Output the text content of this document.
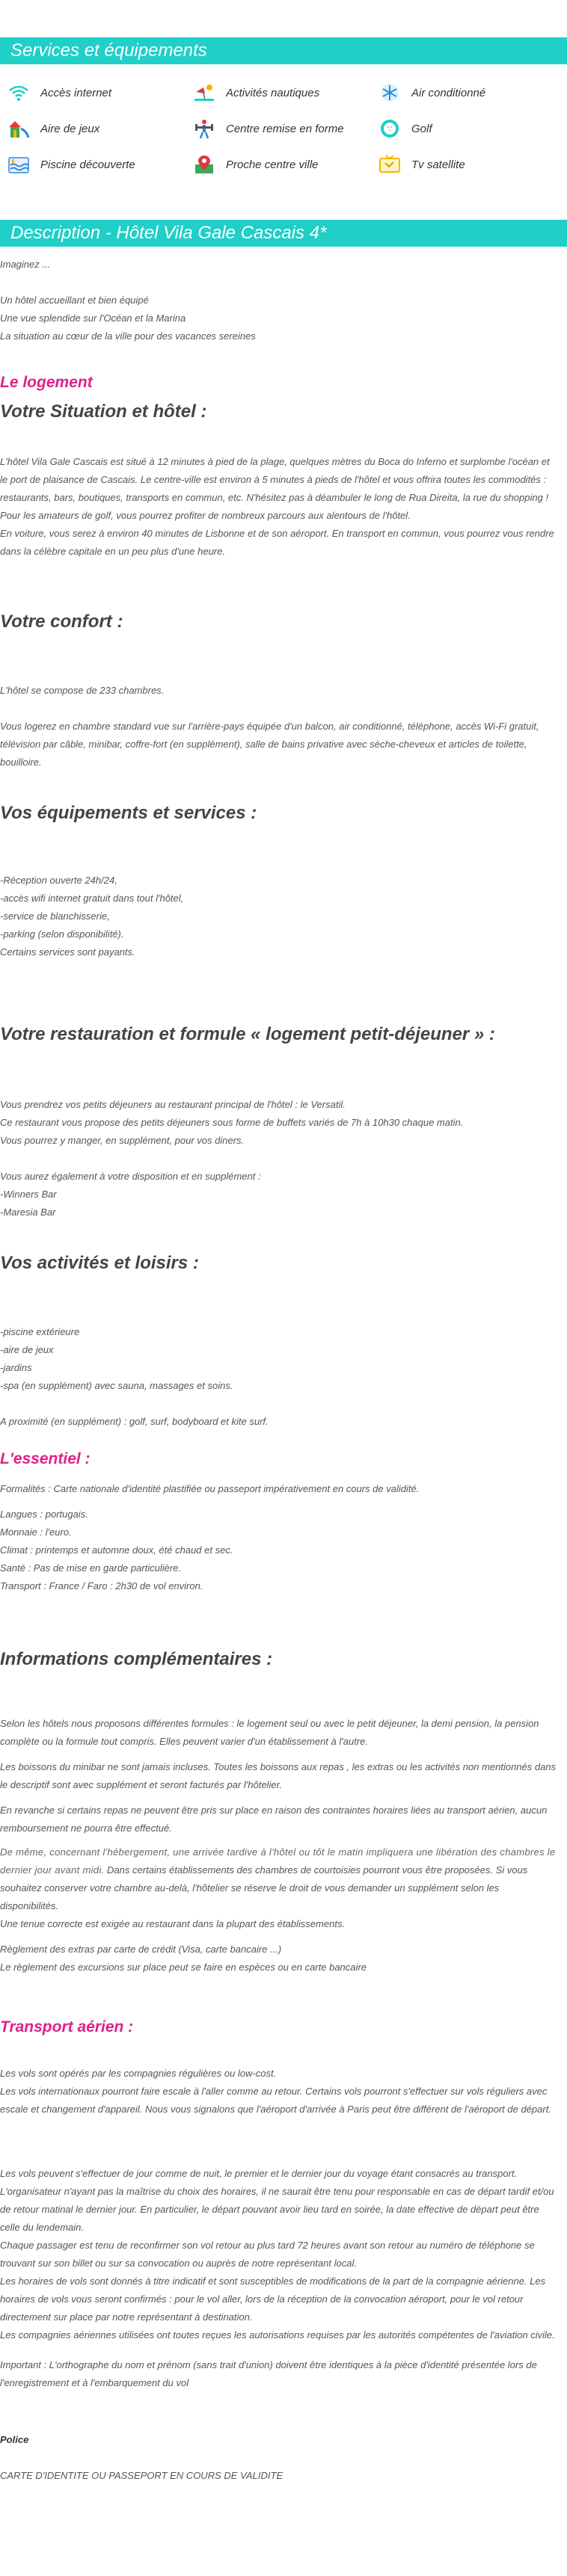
Services et équipements
Accès internet	Activités nautiques	Air conditionné
Aire de jeux	Centre remise en forme	Golf
Piscine découverte	Proche centre ville	Tv satellite
Description - Hôtel Vila Gale Cascais 4*

Imaginez ...

Un hôtel accueillant et bien équipé

Une vue splendide sur l'Océan et la Marina

La situation au cœur de la ville pour des vacances sereines

Le logement
Votre Situation et hôtel :

L'hôtel Vila Gale Cascais est situé à 12 minutes à pied de la plage, quelques mètres du Boca do Inferno et surplombe l'océan et le port de plaisance de Cascais. Le centre-ville est environ à 5 minutes à pieds de l'hôtel et vous offrira toutes les commodités : restaurants, bars, boutiques, transports en commun, etc. N'hésitez pas à déambuler le long de Rua Direita, la rue du shopping !

Pour les amateurs de golf, vous pourrez profiter de nombreux parcours aux alentours de l'hôtel.

En voiture, vous serez à environ 40 minutes de Lisbonne et de son aéroport. En transport en commun, vous pourrez vous rendre dans la célèbre capitale en un peu plus d'une heure.

Votre confort :

L'hôtel se compose de 233 chambres.

Vous logerez en chambre standard vue sur l'arrière-pays équipée d'un balcon, air conditionné, téléphone, accès Wi-Fi gratuit, télévision par câble, minibar, coffre-fort (en supplément), salle de bains privative avec sèche-cheveux et articles de toilette, bouilloire.

Vos équipements et services :

-Réception ouverte 24h/24,

-accès wifi internet gratuit dans tout l'hôtel,

-service de blanchisserie,

-parking (selon disponibilité).

Certains services sont payants.

Votre restauration et formule « logement petit-déjeuner » :

Vous prendrez vos petits déjeuners au restaurant principal de l'hôtel : le Versatil.

Ce restaurant vous propose des petits déjeuners sous forme de buffets variés de 7h à 10h30 chaque matin.

Vous pourrez y manger, en supplément, pour vos diners.

Vous aurez également à votre disposition et en supplément :

-Winners Bar

-Maresia Bar

Vos activités et loisirs :

-piscine extérieure

-aire de jeux

-jardins

-spa (en supplément) avec sauna, massages et soins.

A proximité (en supplément) : golf, surf, bodyboard et kite surf.

L'essentiel :

Formalités : Carte nationale d'identité plastifiée ou passeport impérativement en cours de validité.

Langues : portugais.

Monnaie : l'euro.

Climat : printemps et automne doux, été chaud et sec.

Santé : Pas de mise en garde particulière.

Transport : France / Faro : 2h30 de vol environ.

Informations complémentaires :

Selon les hôtels nous proposons différentes formules : le logement seul ou avec le petit déjeuner, la demi pension, la pension complète ou la formule tout compris. Elles peuvent varier d'un établissement à l'autre.

Les boissons du minibar ne sont jamais incluses. Toutes les boissons aux repas , les extras ou les activités non mentionnés dans le descriptif sont avec supplément et seront facturés par l'hôtelier.

En revanche si certains repas ne peuvent être pris sur place en raison des contraintes horaires liées au transport aérien, aucun remboursement ne pourra être effectué.

De même, concernant l'hébergement, une arrivée tardive à l'hôtel ou tôt le matin impliquera une libération des chambres le dernier jour avant midi. Dans certains établissements des chambres de courtoisies pourront vous être proposées. Si vous souhaitez conserver votre chambre au-delà, l'hôtelier se réserve le droit de vous demander un supplément selon les disponibilités.

Une tenue correcte est exigée au restaurant dans la plupart des établissements.

Règlement des extras par carte de crédit (Visa, carte bancaire ...)

Le règlement des excursions sur place peut se faire en espèces ou en carte bancaire

Transport aérien :

Les vols sont opérés par les compagnies régulières ou low-cost.

Les vols internationaux pourront faire escale à l'aller comme au retour. Certains vols pourront s'effectuer sur vols réguliers avec escale et changement d'appareil. Nous vous signalons que l'aéroport d'arrivée à Paris peut être différent de l'aéroport de départ.

Les vols peuvent s'effectuer de jour comme de nuit, le premier et le dernier jour du voyage étant consacrés au transport. L'organisateur n'ayant pas la maîtrise du choix des horaires, il ne saurait être tenu pour responsable en cas de départ tardif et/ou de retour matinal le dernier jour. En particulier, le départ pouvant avoir lieu tard en soirée, la date effective de départ peut être celle du lendemain.

Chaque passager est tenu de reconfirmer son vol retour au plus tard 72 heures avant son retour au numéro de téléphone se trouvant sur son billet ou sur sa convocation ou auprès de notre représentant local.

Les horaires de vols sont donnés à titre indicatif et sont susceptibles de modifications de la part de la compagnie aérienne. Les horaires de vols vous seront confirmés : pour le vol aller, lors de la réception de la convocation aéroport, pour le vol retour directement sur place par notre représentant à destination.

Les compagnies aériennes utilisées ont toutes reçues les autorisations requises par les autorités compétentes de l'aviation civile.

Important : L'orthographe du nom et prénom (sans trait d'union) doivent être identiques à la pièce d'identité présentée lors de l'enregistrement et à l'embarquement du vol
Police
CARTE D'IDENTITE OU PASSEPORT EN COURS DE VALIDITE
